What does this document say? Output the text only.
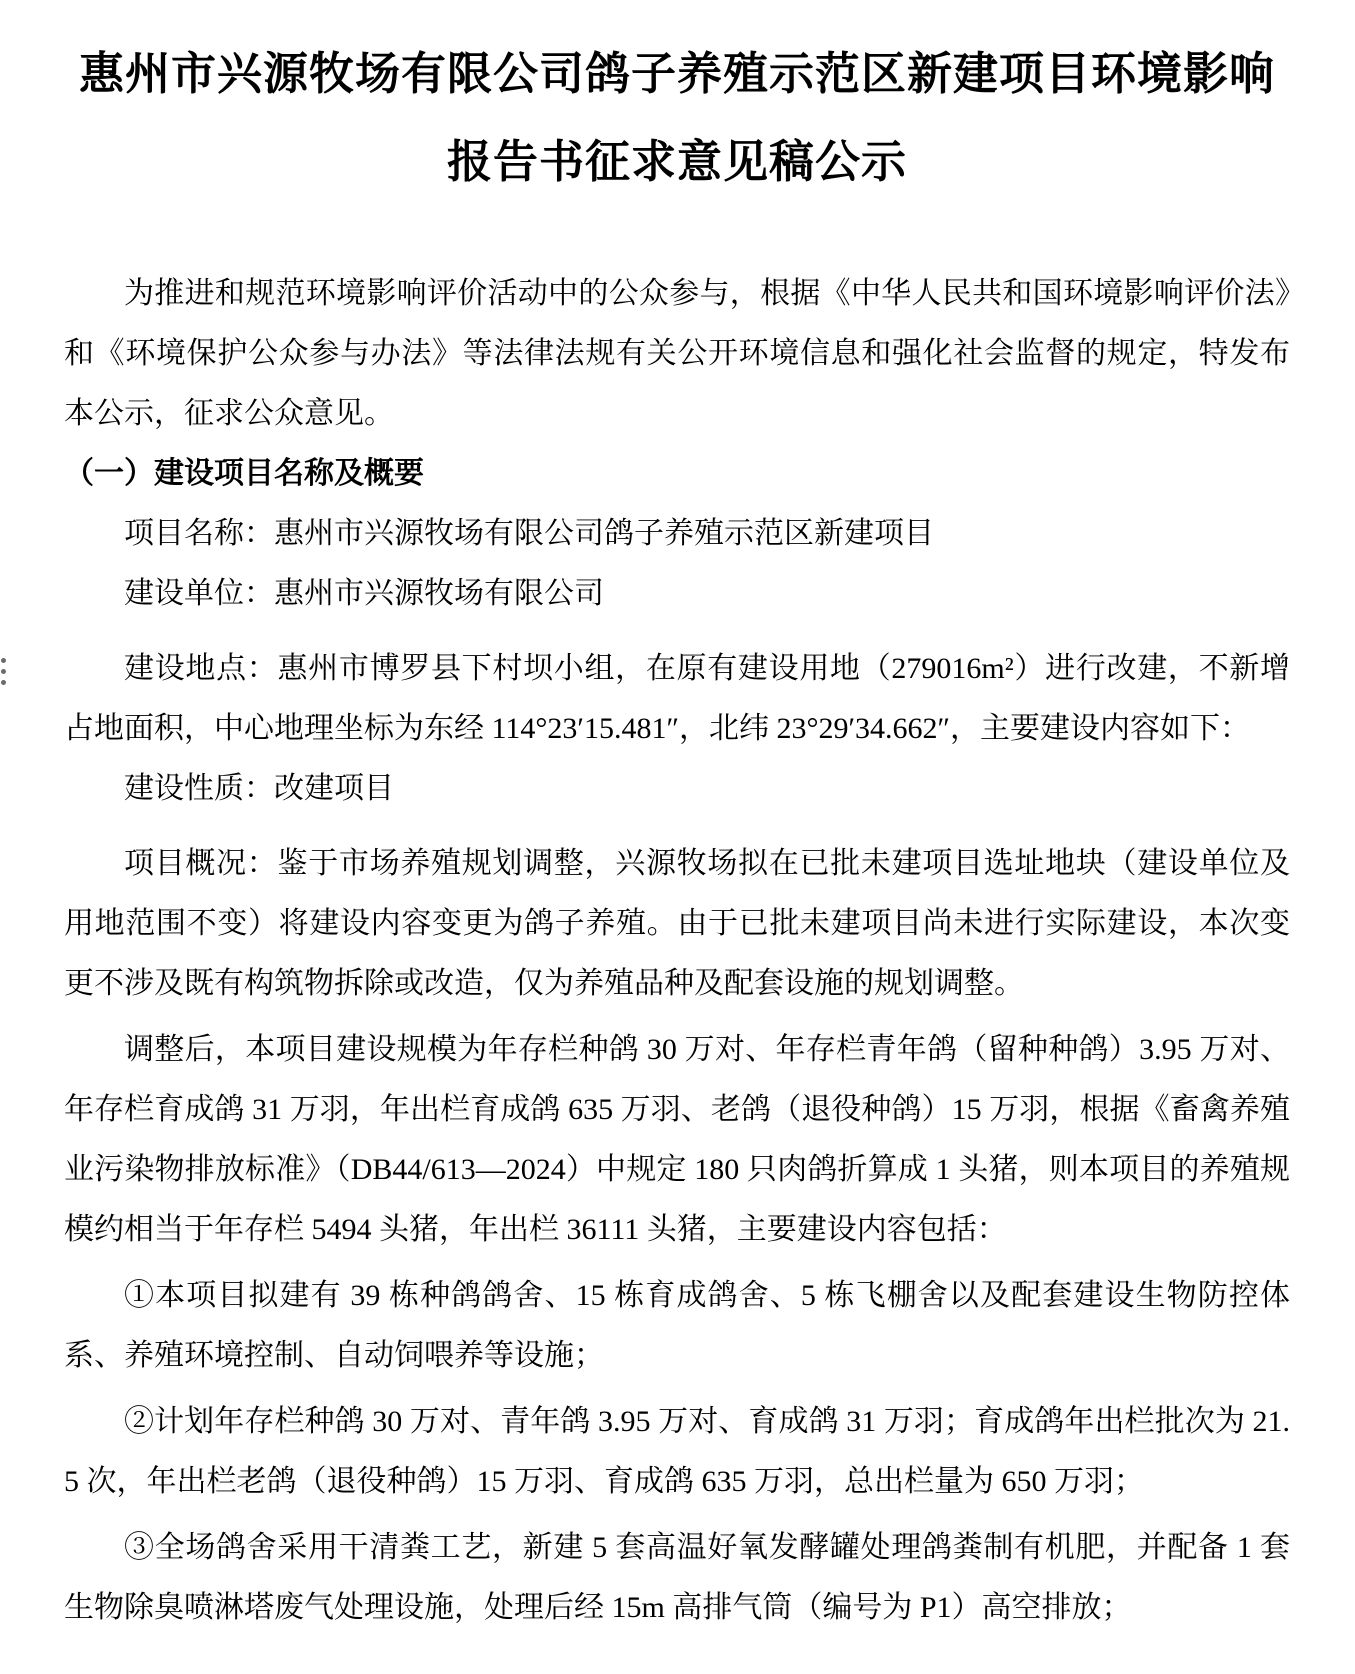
惠州市兴源牧场有限公司鸽子养殖示范区新建项目环境影响
报告书征求意见稿公示

为推进和规范环境影响评价活动中的公众参与，根据《中华人民共和国环境影响评价法》和《环境保护公众参与办法》等法律法规有关公开环境信息和强化社会监督的规定，特发布本公示，征求公众意见。

（一）建设项目名称及概要

项目名称：惠州市兴源牧场有限公司鸽子养殖示范区新建项目

建设单位：惠州市兴源牧场有限公司

建设地点：惠州市博罗县下村坝小组，在原有建设用地（279016m²）进行改建，不新增占地面积，中心地理坐标为东经 114°23′15.481″，北纬 23°29′34.662″，主要建设内容如下：

建设性质：改建项目

项目概况：鉴于市场养殖规划调整，兴源牧场拟在已批未建项目选址地块（建设单位及用地范围不变）将建设内容变更为鸽子养殖。由于已批未建项目尚未进行实际建设，本次变更不涉及既有构筑物拆除或改造，仅为养殖品种及配套设施的规划调整。

调整后，本项目建设规模为年存栏种鸽 30 万对、年存栏青年鸽（留种种鸽）3.95 万对、年存栏育成鸽 31 万羽，年出栏育成鸽 635 万羽、老鸽（退役种鸽）15 万羽，根据《畜禽养殖业污染物排放标准》（DB44/613—2024）中规定 180 只肉鸽折算成 1 头猪，则本项目的养殖规模约相当于年存栏 5494 头猪，年出栏 36111 头猪，主要建设内容包括：

①本项目拟建有 39 栋种鸽鸽舍、15 栋育成鸽舍、5 栋飞棚舍以及配套建设生物防控体系、养殖环境控制、自动饲喂养等设施；

②计划年存栏种鸽 30 万对、青年鸽 3.95 万对、育成鸽 31 万羽；育成鸽年出栏批次为 21.5 次，年出栏老鸽（退役种鸽）15 万羽、育成鸽 635 万羽，总出栏量为 650 万羽；

③全场鸽舍采用干清粪工艺，新建 5 套高温好氧发酵罐处理鸽粪制有机肥，并配备 1 套生物除臭喷淋塔废气处理设施，处理后经 15m 高排气筒（编号为 P1）高空排放；
